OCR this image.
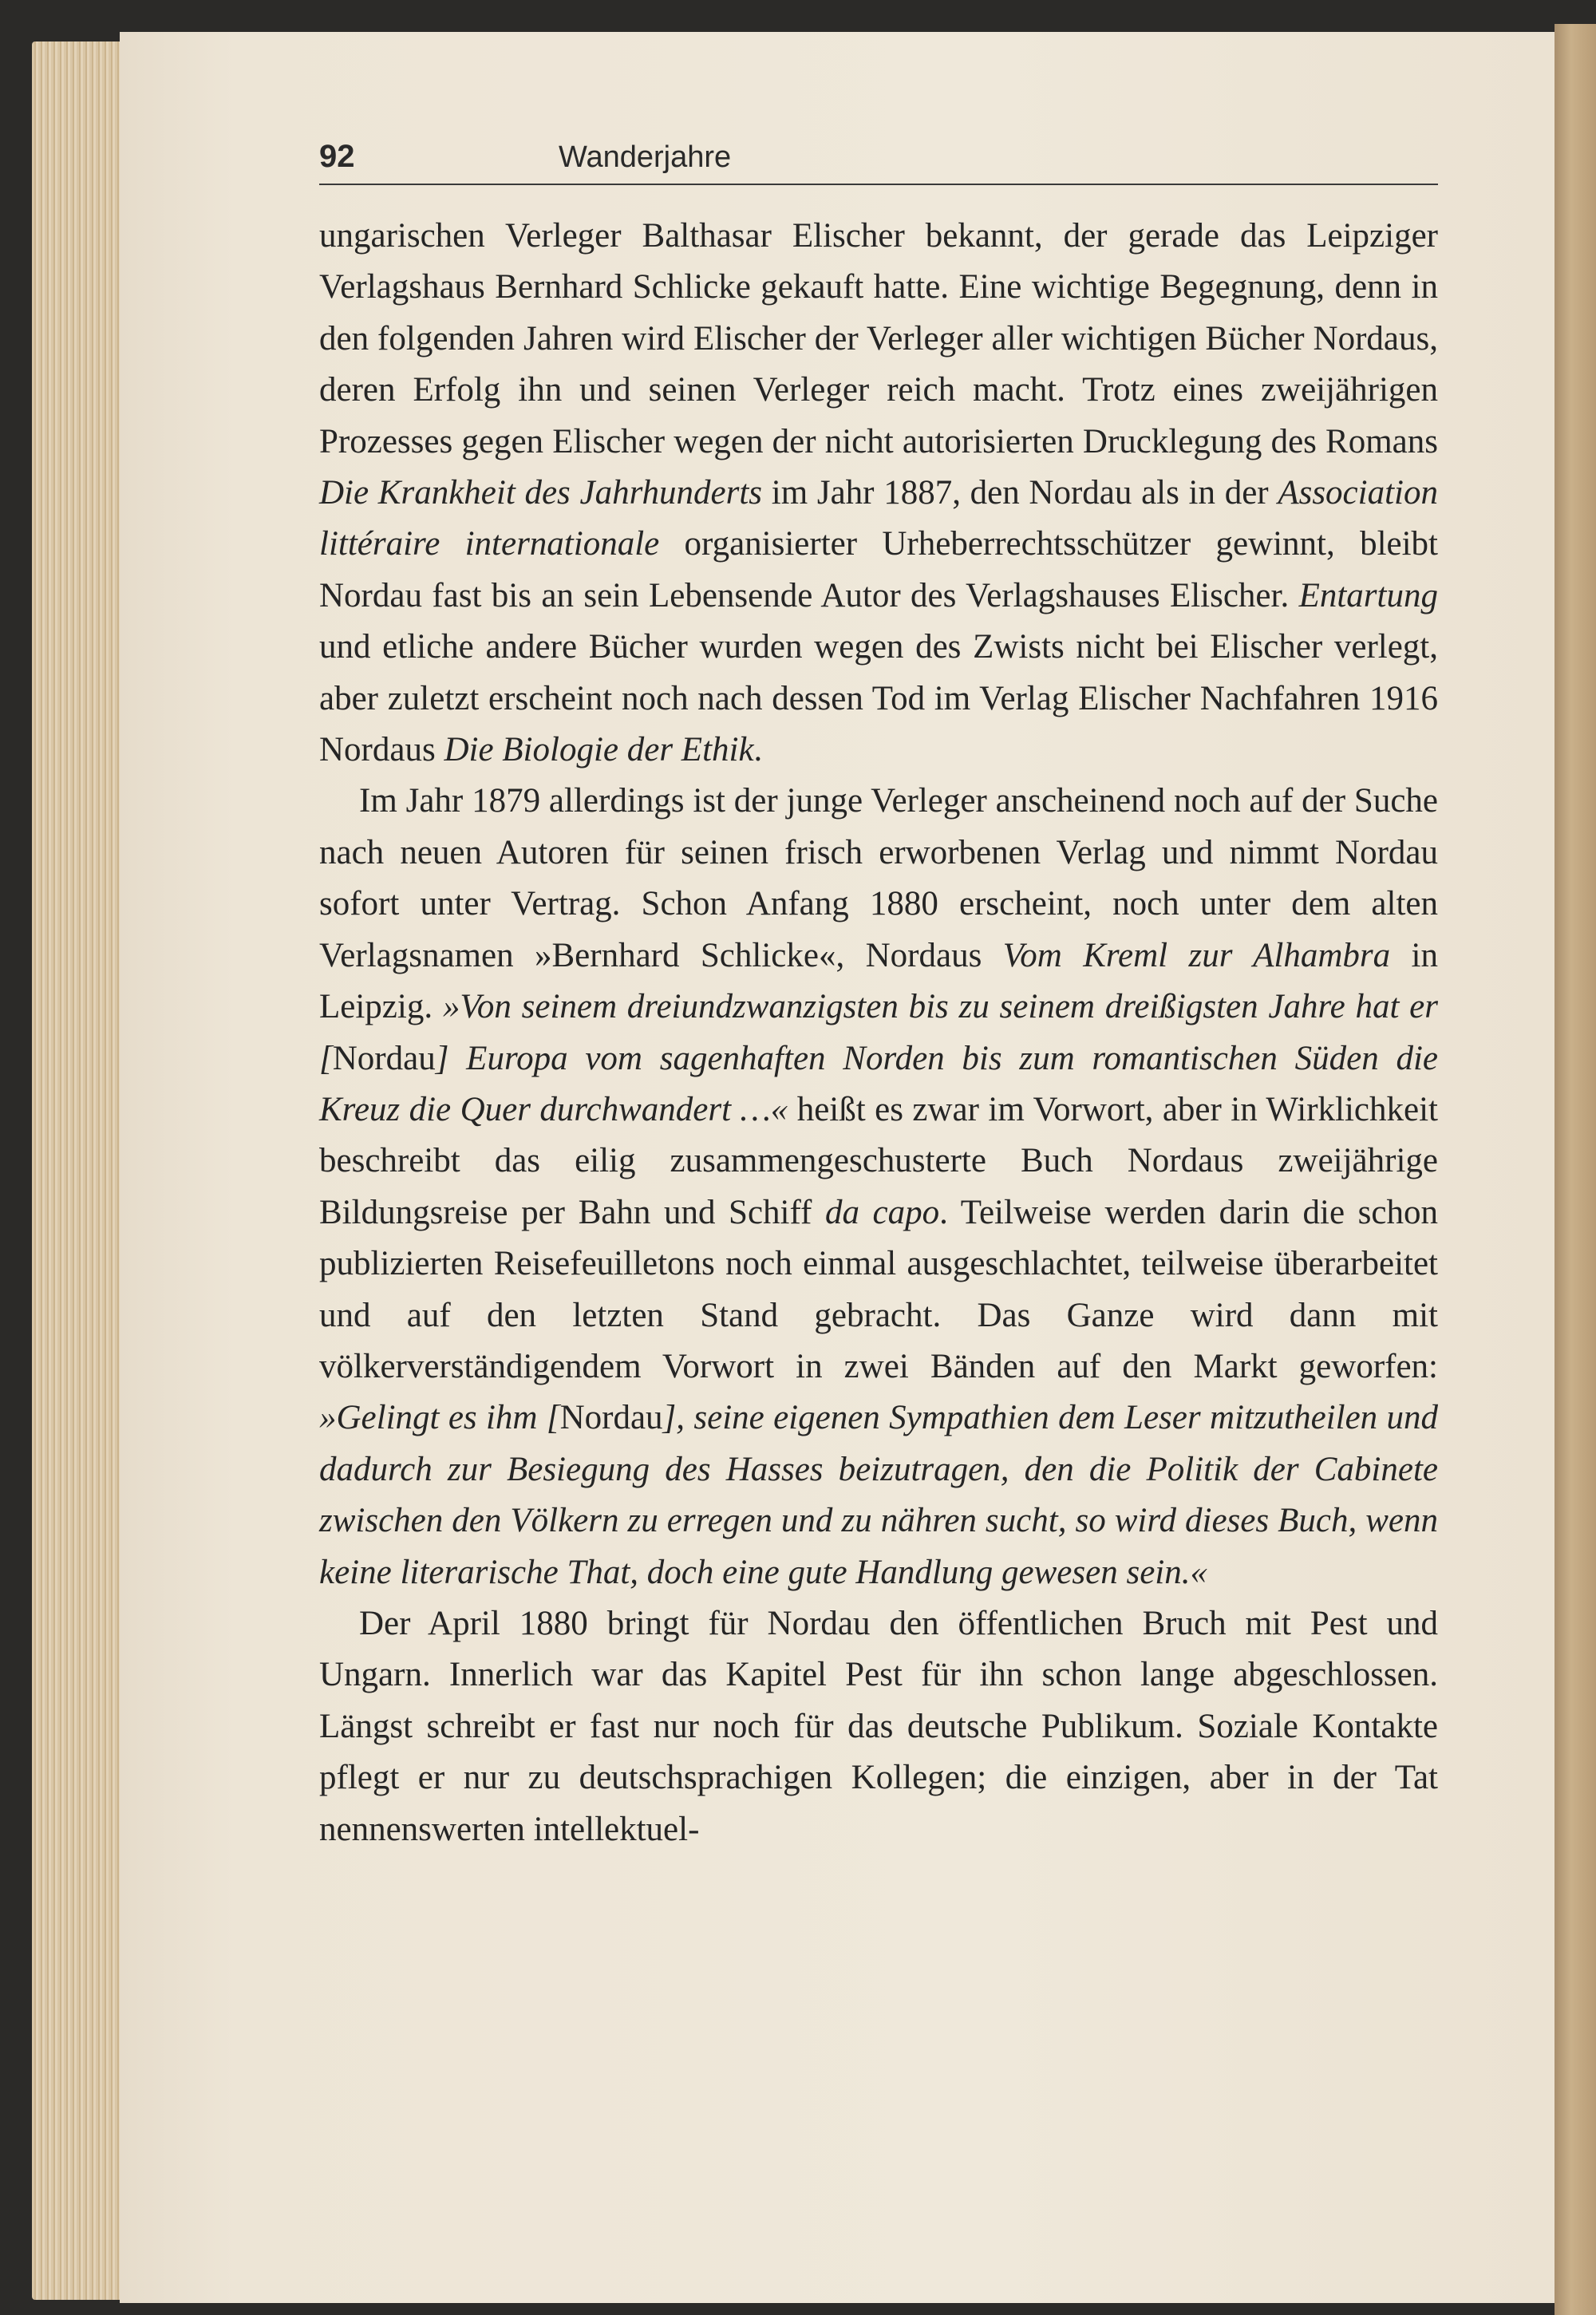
92	Wanderjahre

ungarischen Verleger Balthasar Elischer bekannt, der gerade das Leipziger Verlagshaus Bernhard Schlicke gekauft hatte. Eine wichtige Begegnung, denn in den folgenden Jahren wird Elischer der Verleger aller wichtigen Bücher Nordaus, deren Erfolg ihn und seinen Verleger reich macht. Trotz eines zweijährigen Prozesses gegen Elischer wegen der nicht autorisierten Drucklegung des Romans Die Krankheit des Jahrhunderts im Jahr 1887, den Nordau als in der Association littéraire internationale organisierter Urheberrechtsschützer gewinnt, bleibt Nordau fast bis an sein Lebensende Autor des Verlagshauses Elischer. Entartung und etliche andere Bücher wurden wegen des Zwists nicht bei Elischer verlegt, aber zuletzt erscheint noch nach dessen Tod im Verlag Elischer Nachfahren 1916 Nordaus Die Biologie der Ethik.

Im Jahr 1879 allerdings ist der junge Verleger anscheinend noch auf der Suche nach neuen Autoren für seinen frisch erworbenen Verlag und nimmt Nordau sofort unter Vertrag. Schon Anfang 1880 erscheint, noch unter dem alten Verlagsnamen »Bernhard Schlicke«, Nordaus Vom Kreml zur Alhambra in Leipzig. »Von seinem dreiundzwanzigsten bis zu seinem dreißigsten Jahre hat er [Nordau] Europa vom sagenhaften Norden bis zum romantischen Süden die Kreuz die Quer durchwandert …« heißt es zwar im Vorwort, aber in Wirklichkeit beschreibt das eilig zusammengeschusterte Buch Nordaus zweijährige Bildungsreise per Bahn und Schiff da capo. Teilweise werden darin die schon publizierten Reisefeuilletons noch einmal ausgeschlachtet, teilweise überarbeitet und auf den letzten Stand gebracht. Das Ganze wird dann mit völkerverständigendem Vorwort in zwei Bänden auf den Markt geworfen: »Gelingt es ihm [Nordau], seine eigenen Sympathien dem Leser mitzutheilen und dadurch zur Besiegung des Hasses beizutragen, den die Politik der Cabinete zwischen den Völkern zu erregen und zu nähren sucht, so wird dieses Buch, wenn keine literarische That, doch eine gute Handlung gewesen sein.«

Der April 1880 bringt für Nordau den öffentlichen Bruch mit Pest und Ungarn. Innerlich war das Kapitel Pest für ihn schon lange abgeschlossen. Längst schreibt er fast nur noch für das deutsche Publikum. Soziale Kontakte pflegt er nur zu deutschsprachigen Kollegen; die einzigen, aber in der Tat nennenswerten intellektuel-
